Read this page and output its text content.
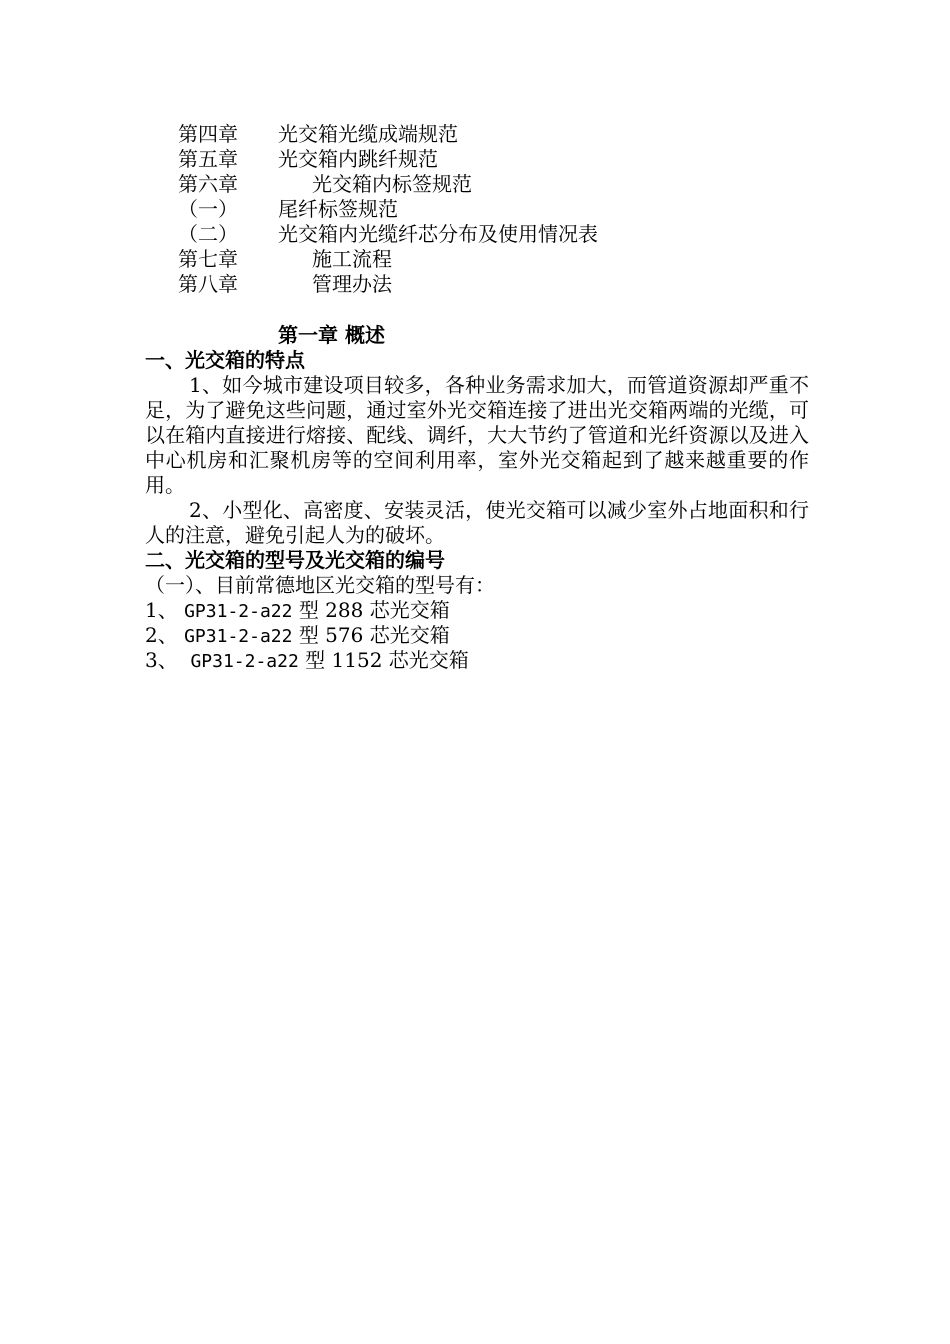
第四章	光交箱光缆成端规范
第五章	光交箱内跳纤规范
第六章	光交箱内标签规范
（一）	尾纤标签规范
（二）	光交箱内光缆纤芯分布及使用情况表
第七章	施工流程
第八章	管理办法
第一章 概述
一、光交箱的特点

1、如今城市建设项目较多，各种业务需求加大，而管道资源却严重不足，为了避免这些问题，通过室外光交箱连接了进出光交箱两端的光缆，可以在箱内直接进行熔接、配线、调纤，大大节约了管道和光纤资源以及进入中心机房和汇聚机房等的空间利用率，室外光交箱起到了越来越重要的作用。

2、小型化、高密度、安装灵活，使光交箱可以减少室外占地面积和行人的注意，避免引起人为的破坏。

二、光交箱的型号及光交箱的编号
（一）、目前常德地区光交箱的型号有：
1、 GP31-2-a22 型 288 芯光交箱
2、 GP31-2-a22 型 576 芯光交箱
3、  GP31-2-a22 型 1152 芯光交箱
